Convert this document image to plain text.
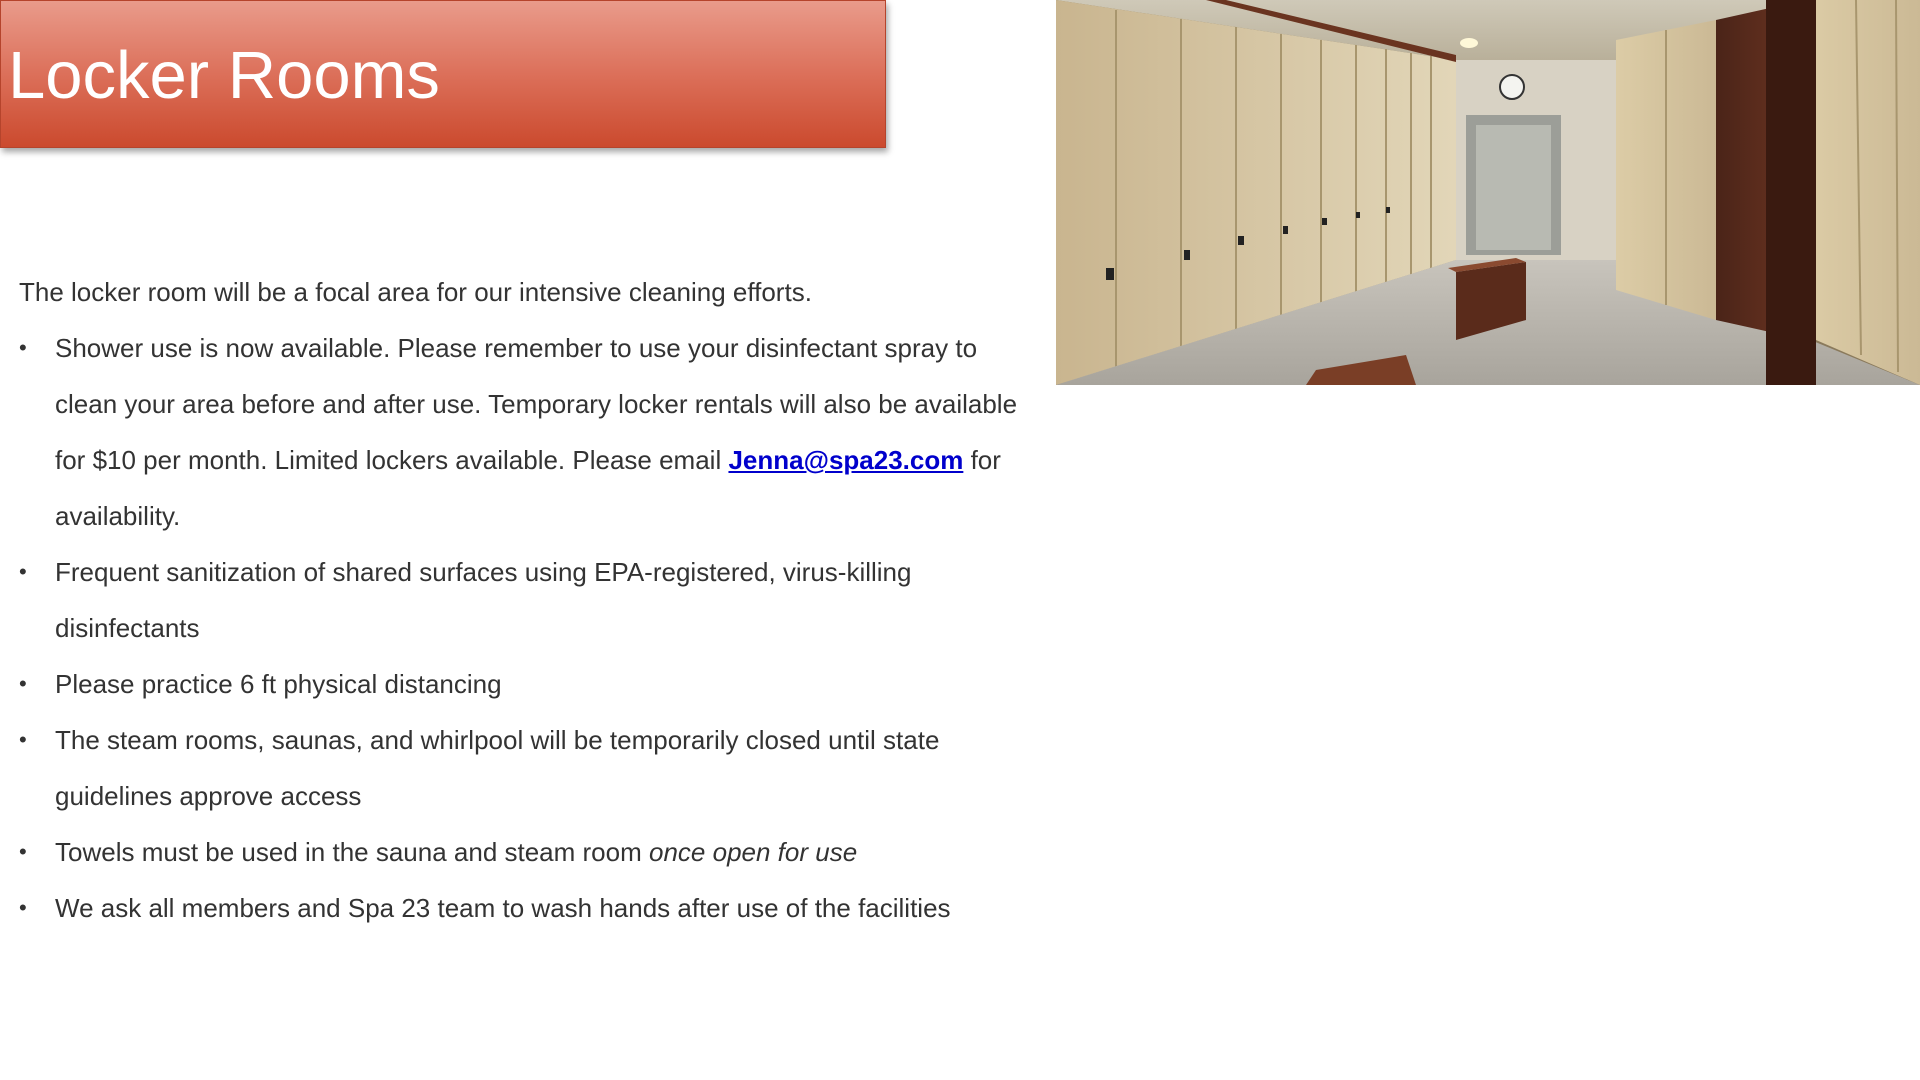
Locker Rooms

The locker room will be a focal area for our intensive cleaning efforts.

•	Shower use is now available. Please remember to use your disinfectant spray to clean your area before and after use. Temporary locker rentals will also be available for $10 per month. Limited lockers available. Please email Jenna@spa23.com for availability.
•	Frequent sanitization of shared surfaces using EPA-registered, virus-killing disinfectants
•	Please practice 6 ft physical distancing
•	The steam rooms, saunas, and whirlpool will be temporarily closed until state guidelines approve access
•	Towels must be used in the sauna and steam room once open for use
•	We ask all members and Spa 23 team to wash hands after use of the facilities
